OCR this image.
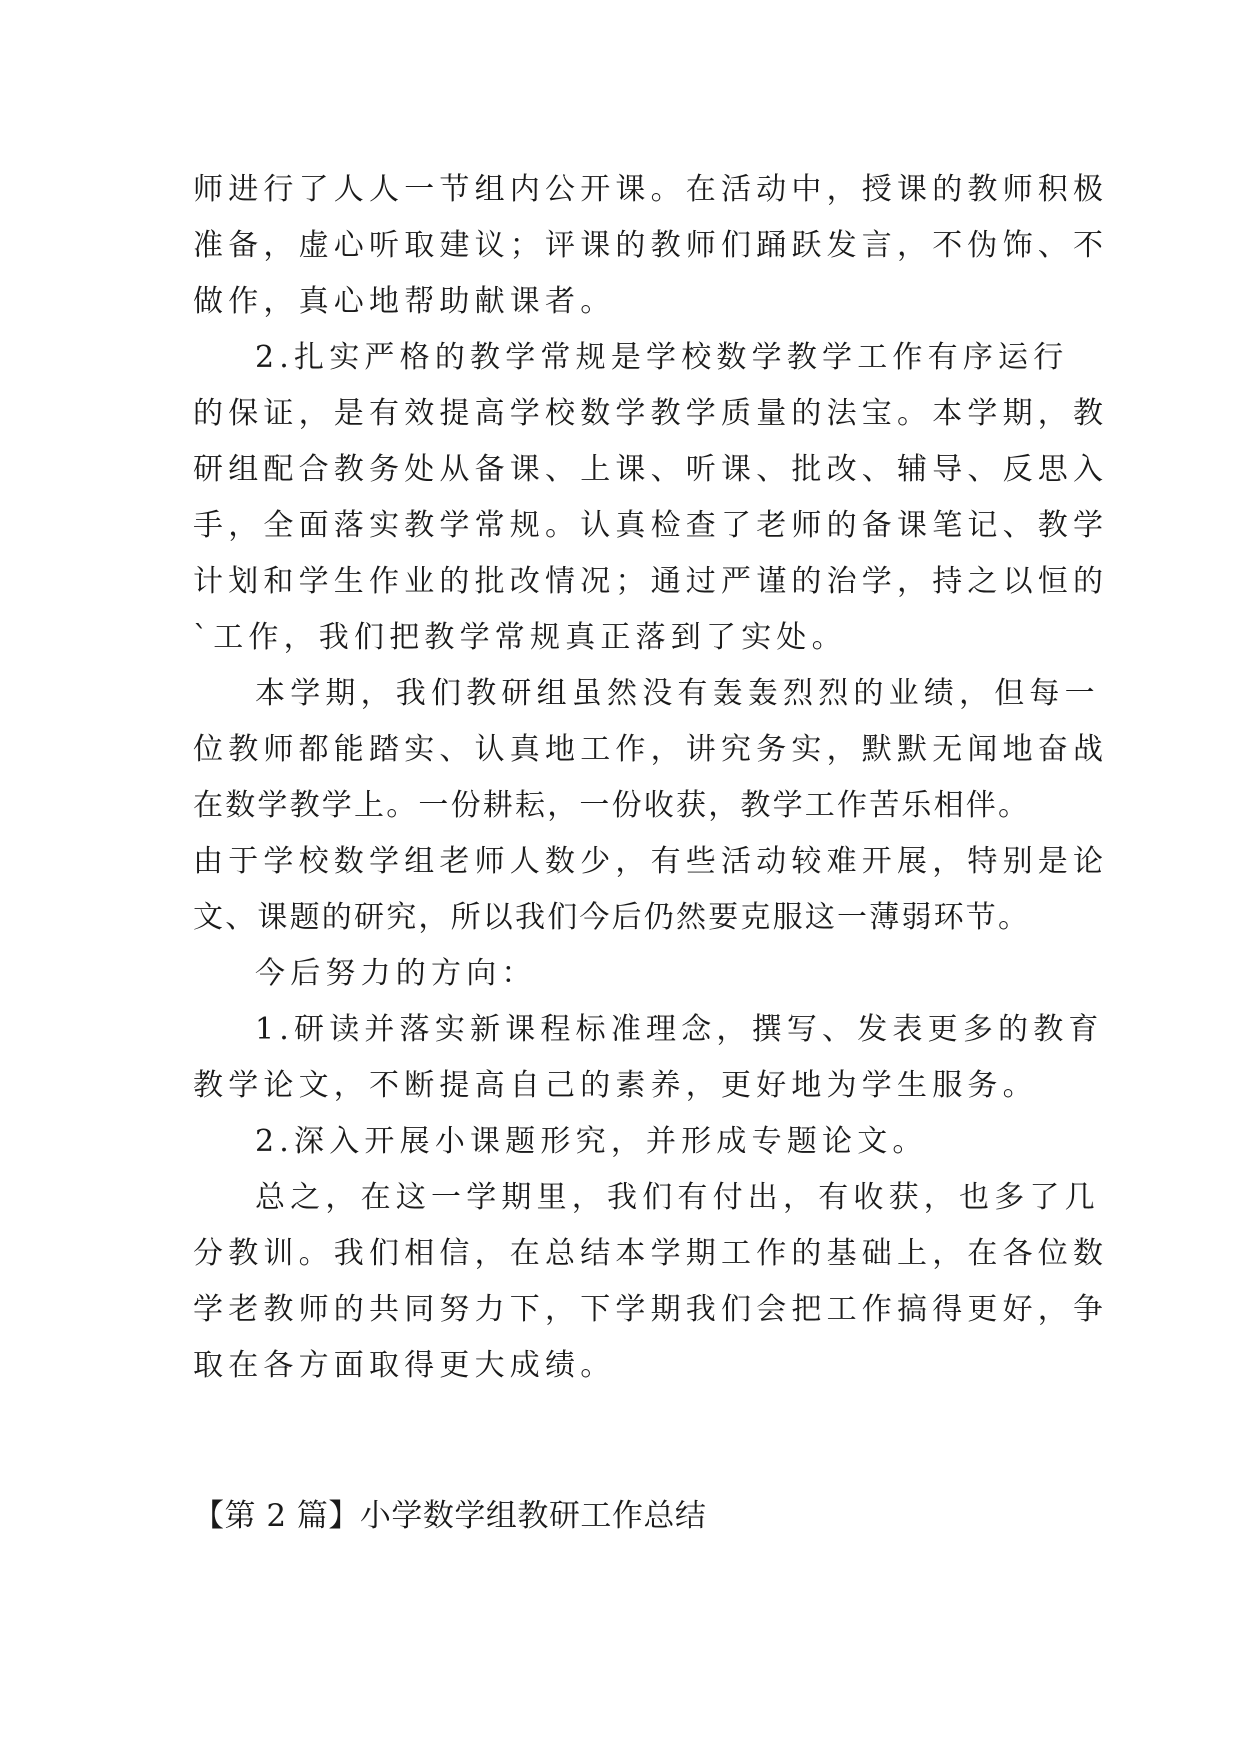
师进行了人人一节组内公开课。在活动中，授课的教师积极
准备，虚心听取建议；评课的教师们踊跃发言，不伪饰、不
做作，真心地帮助献课者。
2.扎实严格的教学常规是学校数学教学工作有序运行
的保证，是有效提高学校数学教学质量的法宝。本学期，教
研组配合教务处从备课、上课、听课、批改、辅导、反思入
手，全面落实教学常规。认真检查了老师的备课笔记、教学
计划和学生作业的批改情况；通过严谨的治学，持之以恒的
`工作，我们把教学常规真正落到了实处。
本学期，我们教研组虽然没有轰轰烈烈的业绩，但每一
位教师都能踏实、认真地工作，讲究务实，默默无闻地奋战
在数学教学上。一份耕耘，一份收获，教学工作苦乐相伴。
由于学校数学组老师人数少，有些活动较难开展，特别是论
文、课题的研究，所以我们今后仍然要克服这一薄弱环节。
今后努力的方向：
1.研读并落实新课程标准理念，撰写、发表更多的教育
教学论文，不断提高自己的素养，更好地为学生服务。
2.深入开展小课题形究，并形成专题论文。
总之，在这一学期里，我们有付出，有收获，也多了几
分教训。我们相信，在总结本学期工作的基础上，在各位数
学老教师的共同努力下，下学期我们会把工作搞得更好，争
取在各方面取得更大成绩。
【第 2 篇】小学数学组教研工作总结
